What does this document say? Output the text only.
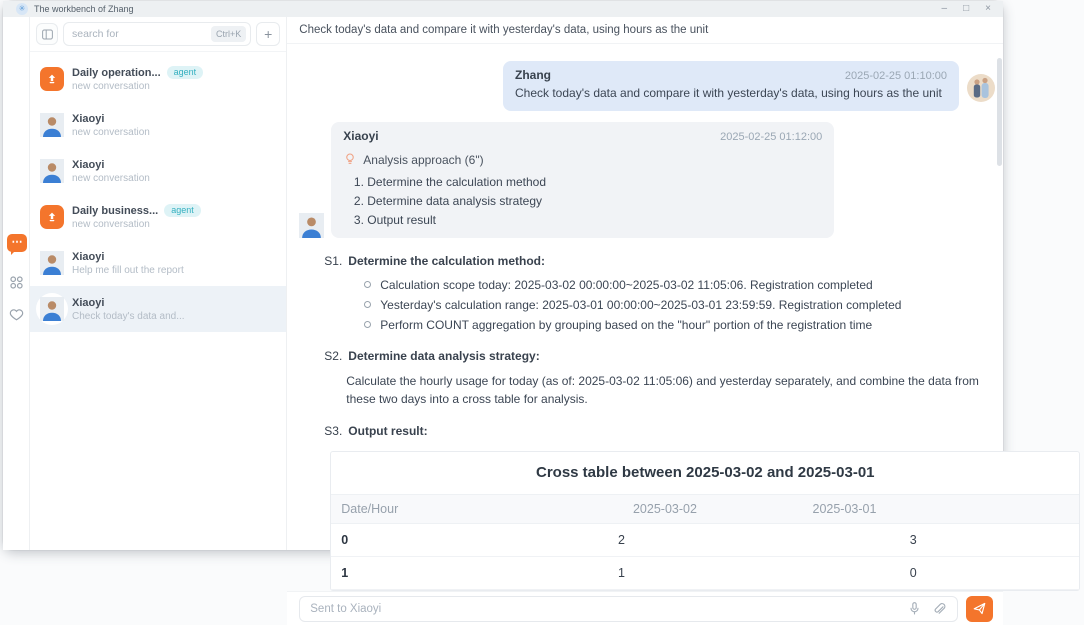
✳ The workbench of Zhang	– □ ×
⋯
search for
Ctrl+K	+
Daily operation...	agent
new conversation
Xiaoyi
new conversation
Xiaoyi
new conversation
Daily business...	agent
new conversation
Xiaoyi
Help me fill out the report
Xiaoyi
Check today's data and...
Check today's data and compare it with yesterday's data, using hours as the unit
Zhang	2025-02-25 01:10:00
Check today's data and compare it with yesterday's data, using hours as the unit
Xiaoyi	2025-02-25 01:12:00
Analysis approach (6")
1. Determine the calculation method
2. Determine data analysis strategy
3. Output result
S1. Determine the calculation method:
Calculation scope today: 2025-03-02 00:00:00~2025-03-02 11:05:06. Registration completed
Yesterday's calculation range: 2025-03-01 00:00:00~2025-03-01 23:59:59. Registration completed
Perform COUNT aggregation by grouping based on the "hour" portion of the registration time
S2. Determine data analysis strategy:
Calculate the hourly usage for today (as of: 2025-03-02 11:05:06) and yesterday separately, and combine the data from these two days into a cross table for analysis.
S3. Output result:
Cross table between 2025-03-02 and 2025-03-01
Date/Hour	2025-03-02	2025-03-01
0	2	3
1	1	0
Sent to Xiaoyi
